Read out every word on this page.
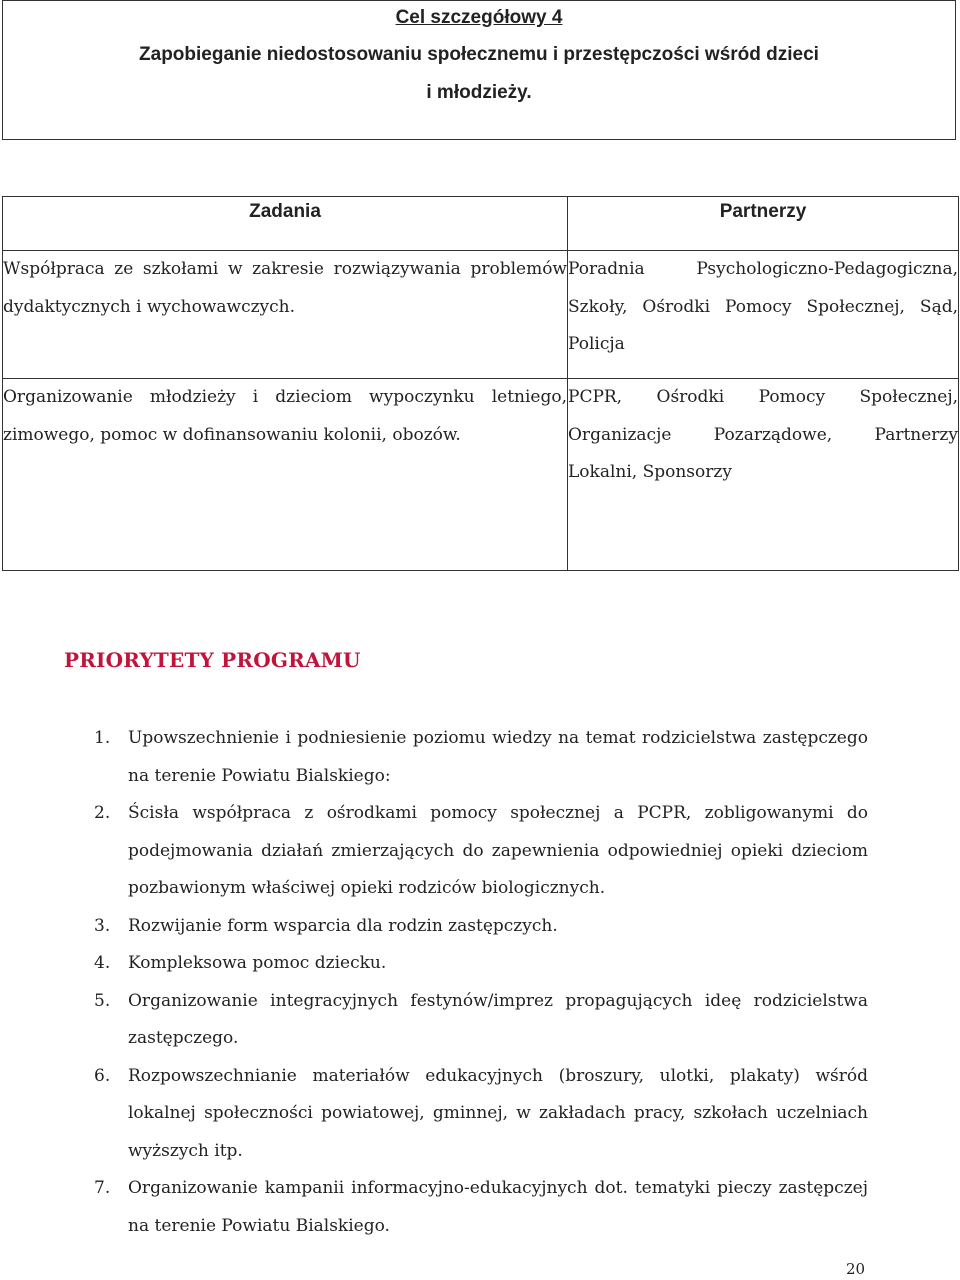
Cel szczegółowy 4
Zapobieganie niedostosowaniu społecznemu i przestępczości wśród dzieci
i młodzieży.
Zadania	Partnerzy
Współpraca ze szkołami w zakresie rozwiązywania problemów dydaktycznych i wychowawczych.	Poradnia Psychologiczno-Pedagogiczna, Szkoły, Ośrodki Pomocy Społecznej, Sąd, Policja
Organizowanie młodzieży i dzieciom wypoczynku letniego, zimowego, pomoc w dofinansowaniu kolonii, obozów.	PCPR, Ośrodki Pomocy Społecznej, Organizacje Pozarządowe, Partnerzy Lokalni, Sponsorzy
PRIORYTETY PROGRAMU
1. Upowszechnienie i podniesienie poziomu wiedzy na temat rodzicielstwa zastępczego na terenie Powiatu Bialskiego:
2. Ścisła współpraca z ośrodkami pomocy społecznej a PCPR, zobligowanymi do podejmowania działań zmierzających do zapewnienia odpowiedniej opieki dzieciom pozbawionym właściwej opieki rodziców biologicznych.
3. Rozwijanie form wsparcia dla rodzin zastępczych.
4. Kompleksowa pomoc dziecku.
5. Organizowanie integracyjnych festynów/imprez propagujących ideę rodzicielstwa zastępczego.
6. Rozpowszechnianie materiałów edukacyjnych (broszury, ulotki, plakaty) wśród lokalnej społeczności powiatowej, gminnej, w zakładach pracy, szkołach uczelniach wyższych itp.
7. Organizowanie kampanii informacyjno-edukacyjnych dot. tematyki pieczy zastępczej na terenie Powiatu Bialskiego.
20
